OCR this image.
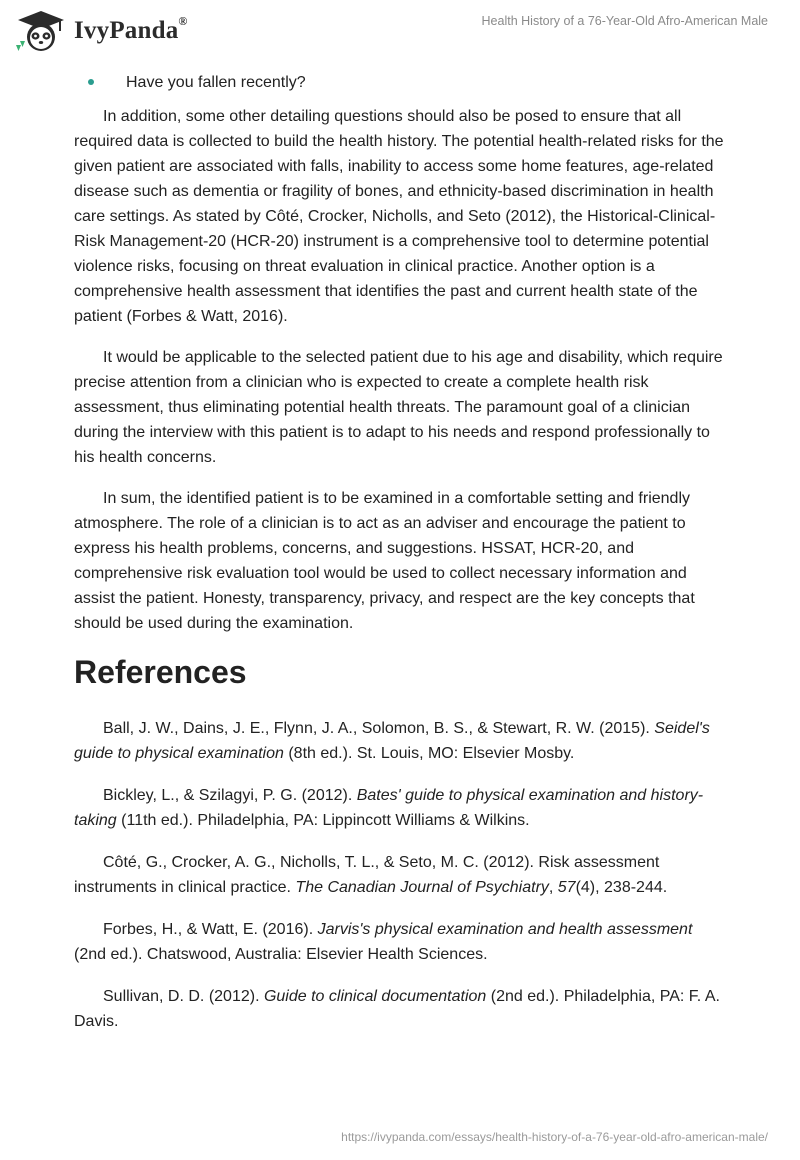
IvyPanda®	Health History of a 76-Year-Old Afro-American Male
Have you fallen recently?

In addition, some other detailing questions should also be posed to ensure that all required data is collected to build the health history. The potential health-related risks for the given patient are associated with falls, inability to access some home features, age-related disease such as dementia or fragility of bones, and ethnicity-based discrimination in health care settings. As stated by Côté, Crocker, Nicholls, and Seto (2012), the Historical-Clinical-Risk Management-20 (HCR-20) instrument is a comprehensive tool to determine potential violence risks, focusing on threat evaluation in clinical practice. Another option is a comprehensive health assessment that identifies the past and current health state of the patient (Forbes & Watt, 2016).

It would be applicable to the selected patient due to his age and disability, which require precise attention from a clinician who is expected to create a complete health risk assessment, thus eliminating potential health threats. The paramount goal of a clinician during the interview with this patient is to adapt to his needs and respond professionally to his health concerns.

In sum, the identified patient is to be examined in a comfortable setting and friendly atmosphere. The role of a clinician is to act as an adviser and encourage the patient to express his health problems, concerns, and suggestions. HSSAT, HCR-20, and comprehensive risk evaluation tool would be used to collect necessary information and assist the patient. Honesty, transparency, privacy, and respect are the key concepts that should be used during the examination.

References

Ball, J. W., Dains, J. E., Flynn, J. A., Solomon, B. S., & Stewart, R. W. (2015). Seidel's guide to physical examination (8th ed.). St. Louis, MO: Elsevier Mosby.

Bickley, L., & Szilagyi, P. G. (2012). Bates' guide to physical examination and history-taking (11th ed.). Philadelphia, PA: Lippincott Williams & Wilkins.

Côté, G., Crocker, A. G., Nicholls, T. L., & Seto, M. C. (2012). Risk assessment instruments in clinical practice. The Canadian Journal of Psychiatry, 57(4), 238-244.

Forbes, H., & Watt, E. (2016). Jarvis's physical examination and health assessment (2nd ed.). Chatswood, Australia: Elsevier Health Sciences.

Sullivan, D. D. (2012). Guide to clinical documentation (2nd ed.). Philadelphia, PA: F. A. Davis.

https://ivypanda.com/essays/health-history-of-a-76-year-old-afro-american-male/
